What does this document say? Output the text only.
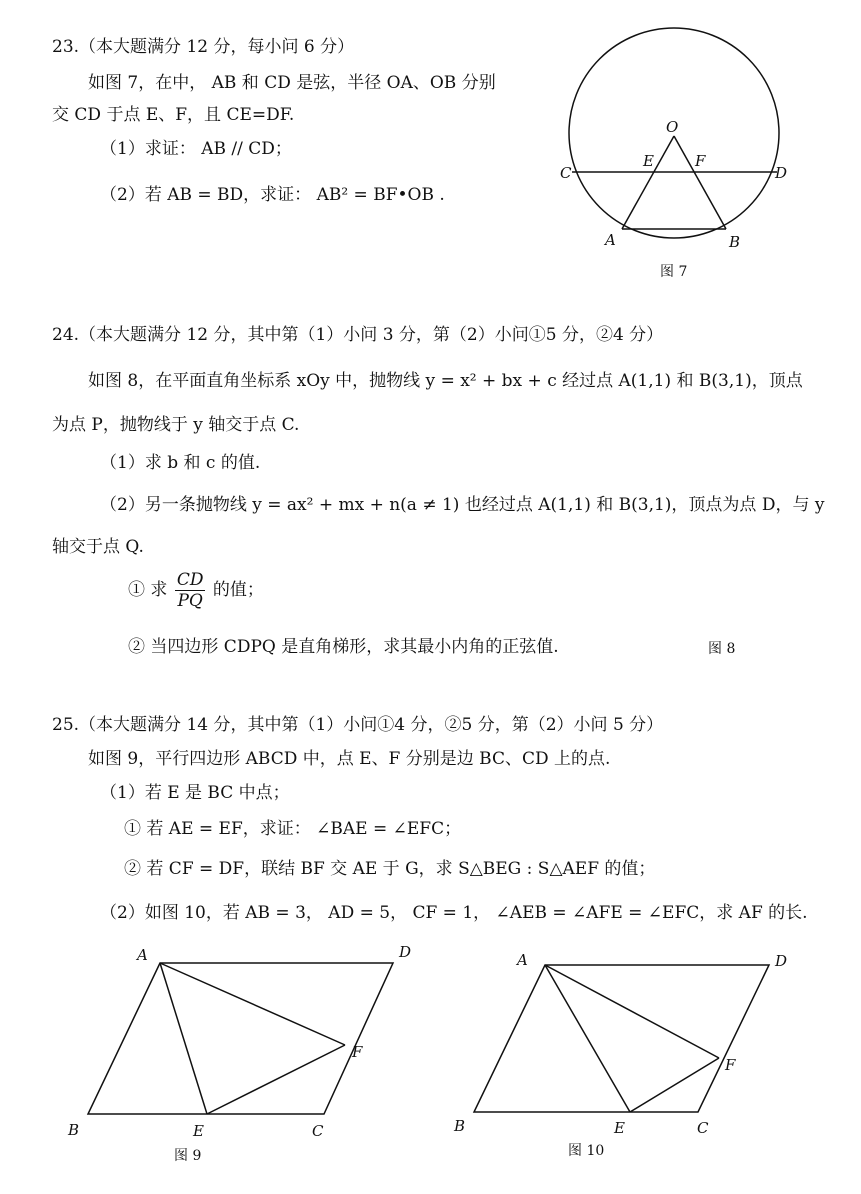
23.（本大题满分 12 分，每小问 6 分）
如图 7，在中， AB 和 CD 是弦，半径 OA、OB 分别
交 CD 于点 E、F，且 CE=DF.
（1）求证： AB // CD；
（2）若 AB = BD，求证： AB² = BF•OB .
O
E	F
C	D
A	B
图 7
24.（本大题满分 12 分，其中第（1）小问 3 分，第（2）小问①5 分，②4 分）
如图 8，在平面直角坐标系 xOy 中，抛物线 y = x² + bx + c 经过点 A(1,1) 和 B(3,1)，顶点
为点 P，抛物线于 y 轴交于点 C.
（1）求 b 和 c 的值.
（2）另一条抛物线 y = ax² + mx + n(a ≠ 1) 也经过点 A(1,1) 和 B(3,1)，顶点为点 D，与 y
轴交于点 Q.
① 求 $\frac{CD}{PQ}$ 的值；
② 当四边形 CDPQ 是直角梯形，求其最小内角的正弦值.	图 8
25.（本大题满分 14 分，其中第（1）小问①4 分，②5 分，第（2）小问 5 分）
如图 9，平行四边形 ABCD 中，点 E、F 分别是边 BC、CD 上的点.
（1）若 E 是 BC 中点；
① 若 AE = EF，求证： ∠BAE = ∠EFC；
② 若 CF = DF，联结 BF 交 AE 于 G，求 S△BEG : S△AEF 的值；
（2）如图 10，若 AB = 3， AD = 5， CF = 1， ∠AEB = ∠AFE = ∠EFC，求 AF 的长.
A	D
F
B	E	C
图 9
A	D
F
B	E	C
图 10
